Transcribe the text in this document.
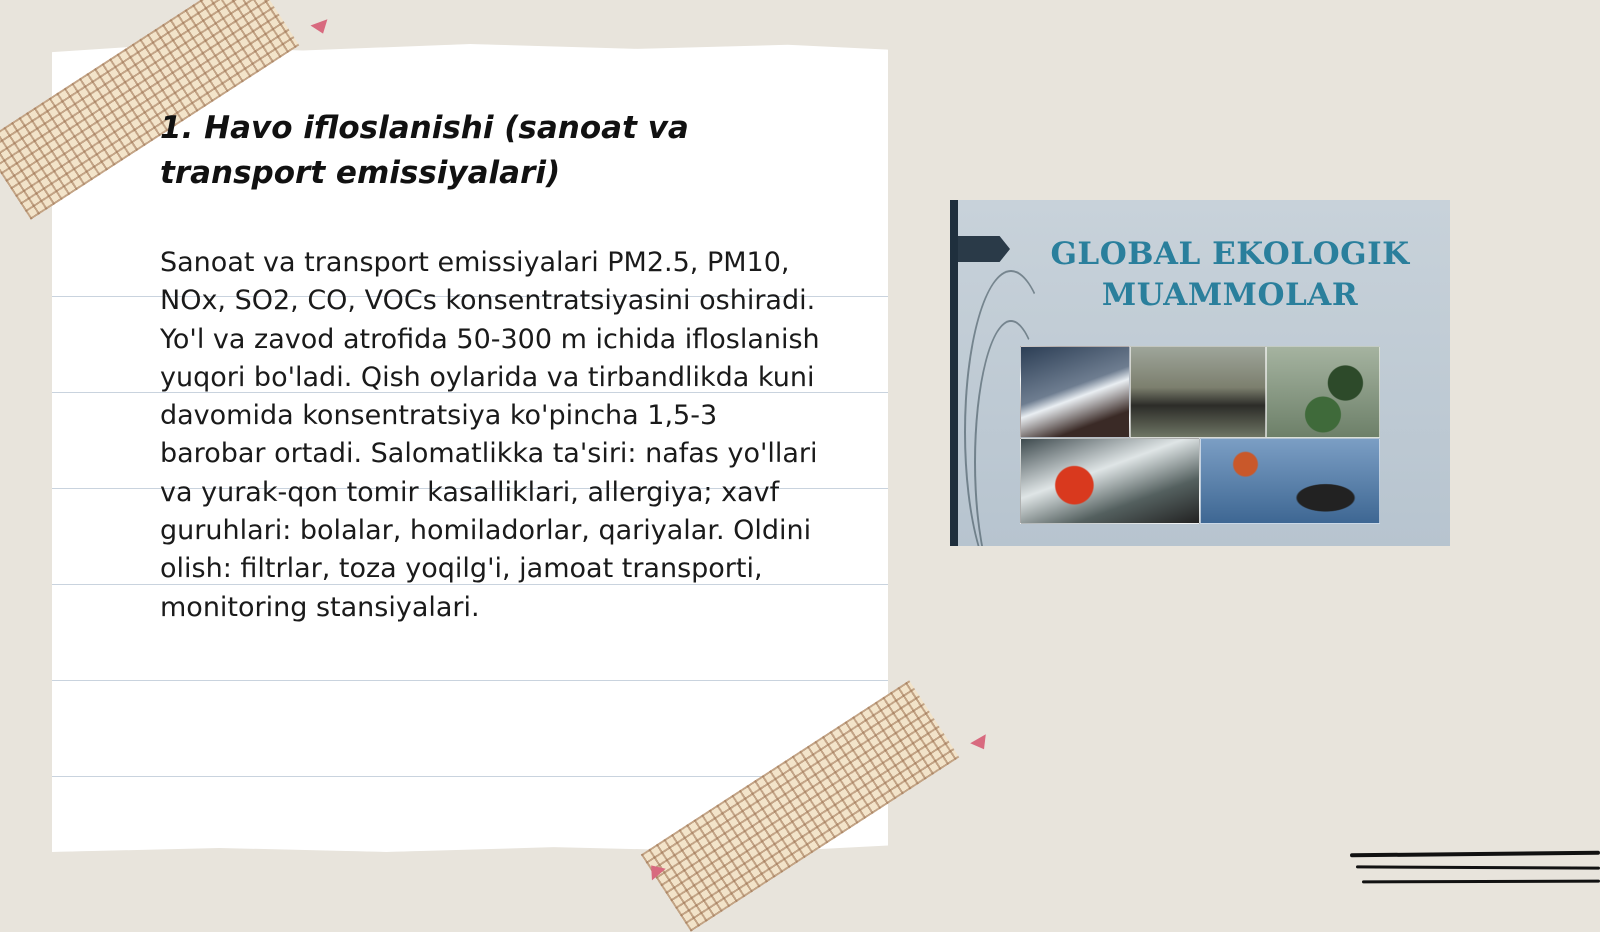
1. Havo ifloslanishi (sanoat va transport emissiyalari)

Sanoat va transport emissiyalari PM2.5, PM10, NOx, SO2, CO, VOCs konsentratsiyasini oshiradi. Yo'l va zavod atrofida 50-300 m ichida ifloslanish yuqori bo'ladi. Qish oylarida va tirbandlikda kuni davomida konsentratsiya ko'pincha 1,5-3 barobar ortadi. Salomatlikka ta'siri: nafas yo'llari va yurak-qon tomir kasalliklari, allergiya; xavf guruhlari: bolalar, homiladorlar, qariyalar. Oldini olish: filtrlar, toza yoqilg'i, jamoat transporti, monitoring stansiyalari.

GLOBAL EKOLOGIK
MUAMMOLAR
